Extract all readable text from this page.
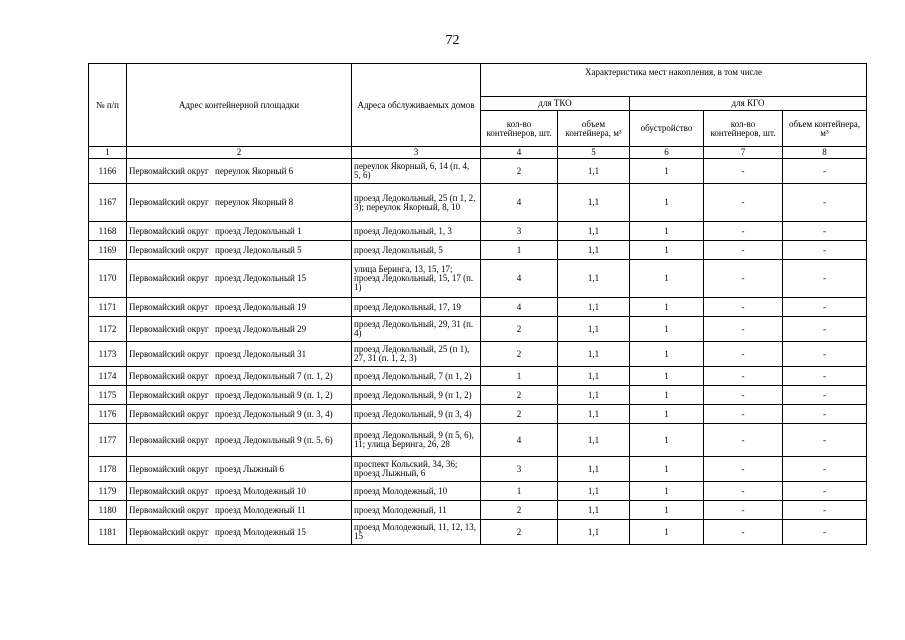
72
№ п/п	Адрес контейнерной площадки	Адреса обслуживаемых домов	Характеристика мест накопления, в том числе				
			для ТКО		для КГО		
			кол-во контейнеров, шт.	объем контейнера, м³	обустройство	кол-во контейнеров, шт.	объем контейнера, м³
1	2	3	4	5	6	7	8
1166	Первомайский округ переулок Якорный 6	переулок Якорный, 6, 14 (п. 4, 5, 6)	2	1,1	1	-	-
1167	Первомайский округ переулок Якорный 8	проезд Ледокольный, 25 (п 1, 2, 3); переулок Якорный, 8, 10	4	1,1	1	-	-
1168	Первомайский округ проезд Ледокольный 1	проезд Ледокольный, 1, 3	3	1,1	1	-	-
1169	Первомайский округ проезд Ледокольный 5	проезд Ледокольный, 5	1	1,1	1	-	-
1170	Первомайский округ проезд Ледокольный 15	улица Беринга, 13, 15, 17; проезд Ледокольный, 15, 17 (п. 1)	4	1,1	1	-	-
1171	Первомайский округ проезд Ледокольный 19	проезд Ледокольный, 17, 19	4	1,1	1	-	-
1172	Первомайский округ проезд Ледокольный 29	проезд Ледокольный, 29, 31 (п. 4)	2	1,1	1	-	-
1173	Первомайский округ проезд Ледокольный 31	проезд Ледокольный, 25 (п 1), 27, 31 (п. 1, 2, 3)	2	1,1	1	-	-
1174	Первомайский округ проезд Ледокольный 7 (п. 1, 2)	проезд Ледокольный, 7 (п 1, 2)	1	1,1	1	-	-
1175	Первомайский округ проезд Ледокольный 9 (п. 1, 2)	проезд Ледокольный, 9 (п 1, 2)	2	1,1	1	-	-
1176	Первомайский округ проезд Ледокольный 9 (п. 3, 4)	проезд Ледокольный, 9 (п 3, 4)	2	1,1	1	-	-
1177	Первомайский округ проезд Ледокольный 9 (п. 5, 6)	проезд Ледокольный, 9 (п 5, 6), 11; улица Беринга, 26, 28	4	1,1	1	-	-
1178	Первомайский округ проезд Лыжный 6	проспект Кольский, 34, 36; проезд Лыжный, 6	3	1,1	1	-	-
1179	Первомайский округ проезд Молодежный 10	проезд Молодежный, 10	1	1,1	1	-	-
1180	Первомайский округ проезд Молодежный 11	проезд Молодежный, 11	2	1,1	1	-	-
1181	Первомайский округ проезд Молодежный 15	проезд Молодежный, 11, 12, 13, 15	2	1,1	1	-	-
